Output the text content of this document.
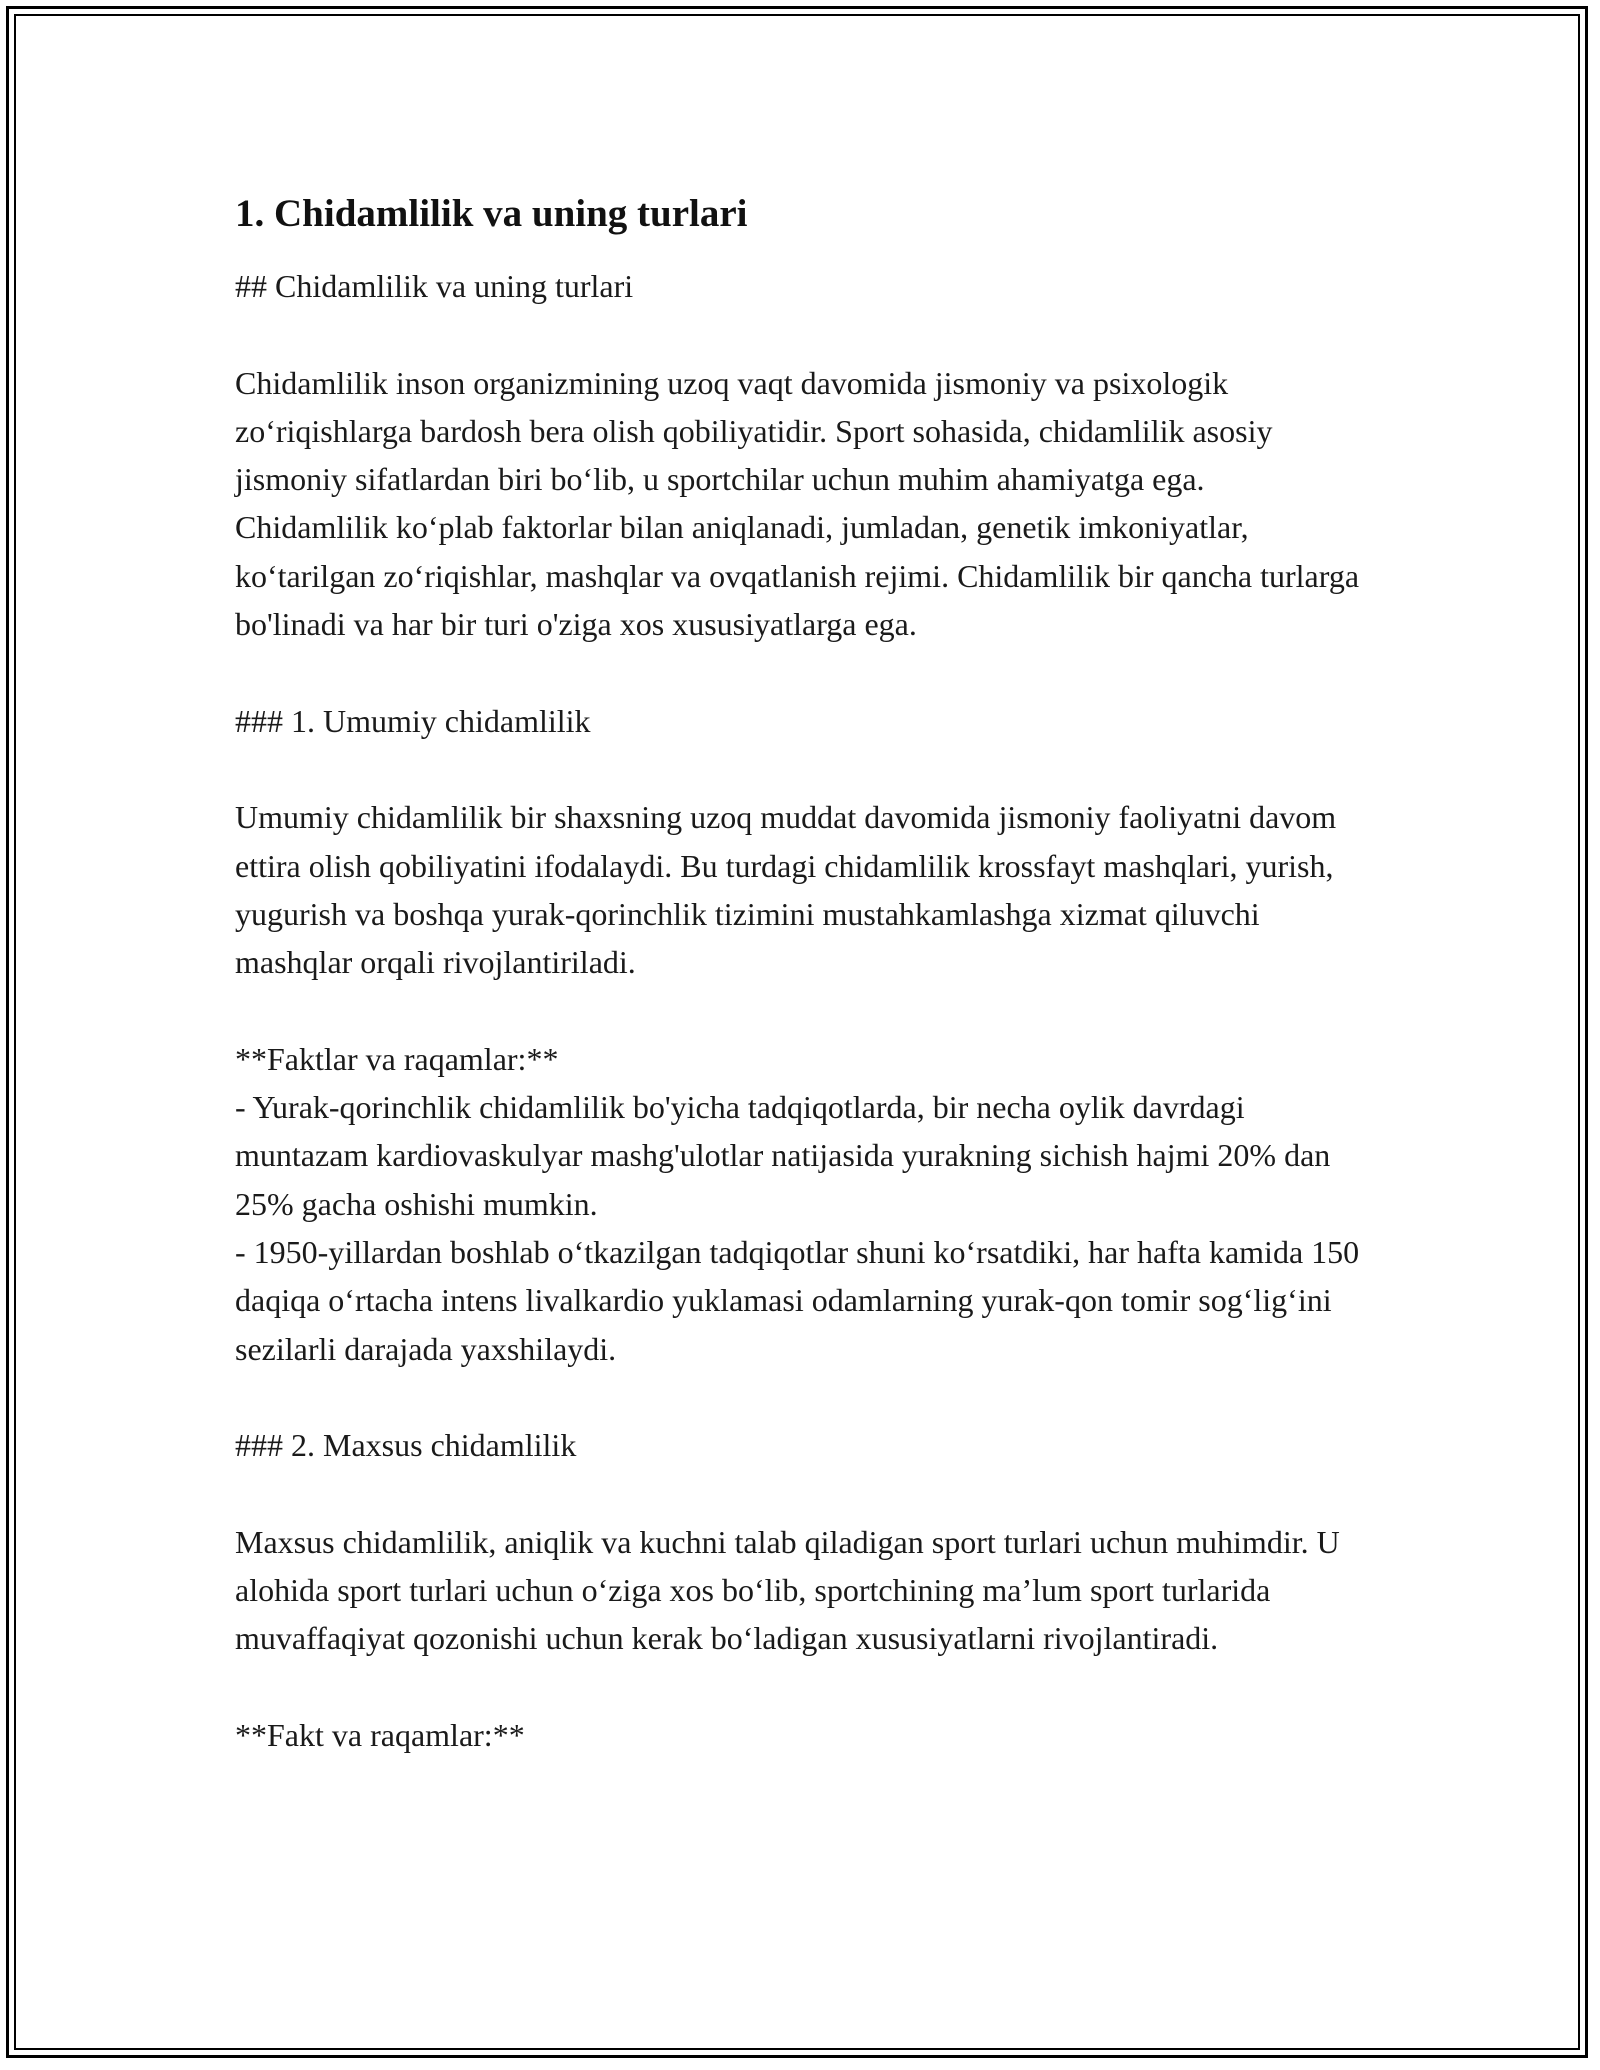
1. Chidamlilik va uning turlari

## Chidamlilik va uning turlari

Chidamlilik inson organizmining uzoq vaqt davomida jismoniy va psixologik zo‘riqishlarga bardosh bera olish qobiliyatidir. Sport sohasida, chidamlilik asosiy jismoniy sifatlardan biri bo‘lib, u sportchilar uchun muhim ahamiyatga ega. Chidamlilik ko‘plab faktorlar bilan aniqlanadi, jumladan, genetik imkoniyatlar, ko‘tarilgan zo‘riqishlar, mashqlar va ovqatlanish rejimi. Chidamlilik bir qancha turlarga bo'linadi va har bir turi o'ziga xos xususiyatlarga ega.

### 1. Umumiy chidamlilik

Umumiy chidamlilik bir shaxsning uzoq muddat davomida jismoniy faoliyatni davom ettira olish qobiliyatini ifodalaydi. Bu turdagi chidamlilik krossfayt mashqlari, yurish, yugurish va boshqa yurak-qorinchlik tizimini mustahkamlashga xizmat qiluvchi mashqlar orqali rivojlantiriladi.

**Faktlar va raqamlar:**

- Yurak-qorinchlik chidamlilik bo'yicha tadqiqotlarda, bir necha oylik davrdagi muntazam kardiovaskulyar mashg'ulotlar natijasida yurakning sichish hajmi 20% dan 25% gacha oshishi mumkin.

- 1950-yillardan boshlab o‘tkazilgan tadqiqotlar shuni ko‘rsatdiki, har hafta kamida 150 daqiqa o‘rtacha intens livalkardio yuklamasi odamlarning yurak-qon tomir sog‘lig‘ini sezilarli darajada yaxshilaydi.

### 2. Maxsus chidamlilik

Maxsus chidamlilik, aniqlik va kuchni talab qiladigan sport turlari uchun muhimdir. U alohida sport turlari uchun o‘ziga xos bo‘lib, sportchining ma’lum sport turlarida muvaffaqiyat qozonishi uchun kerak bo‘ladigan xususiyatlarni rivojlantiradi.

**Fakt va raqamlar:**
